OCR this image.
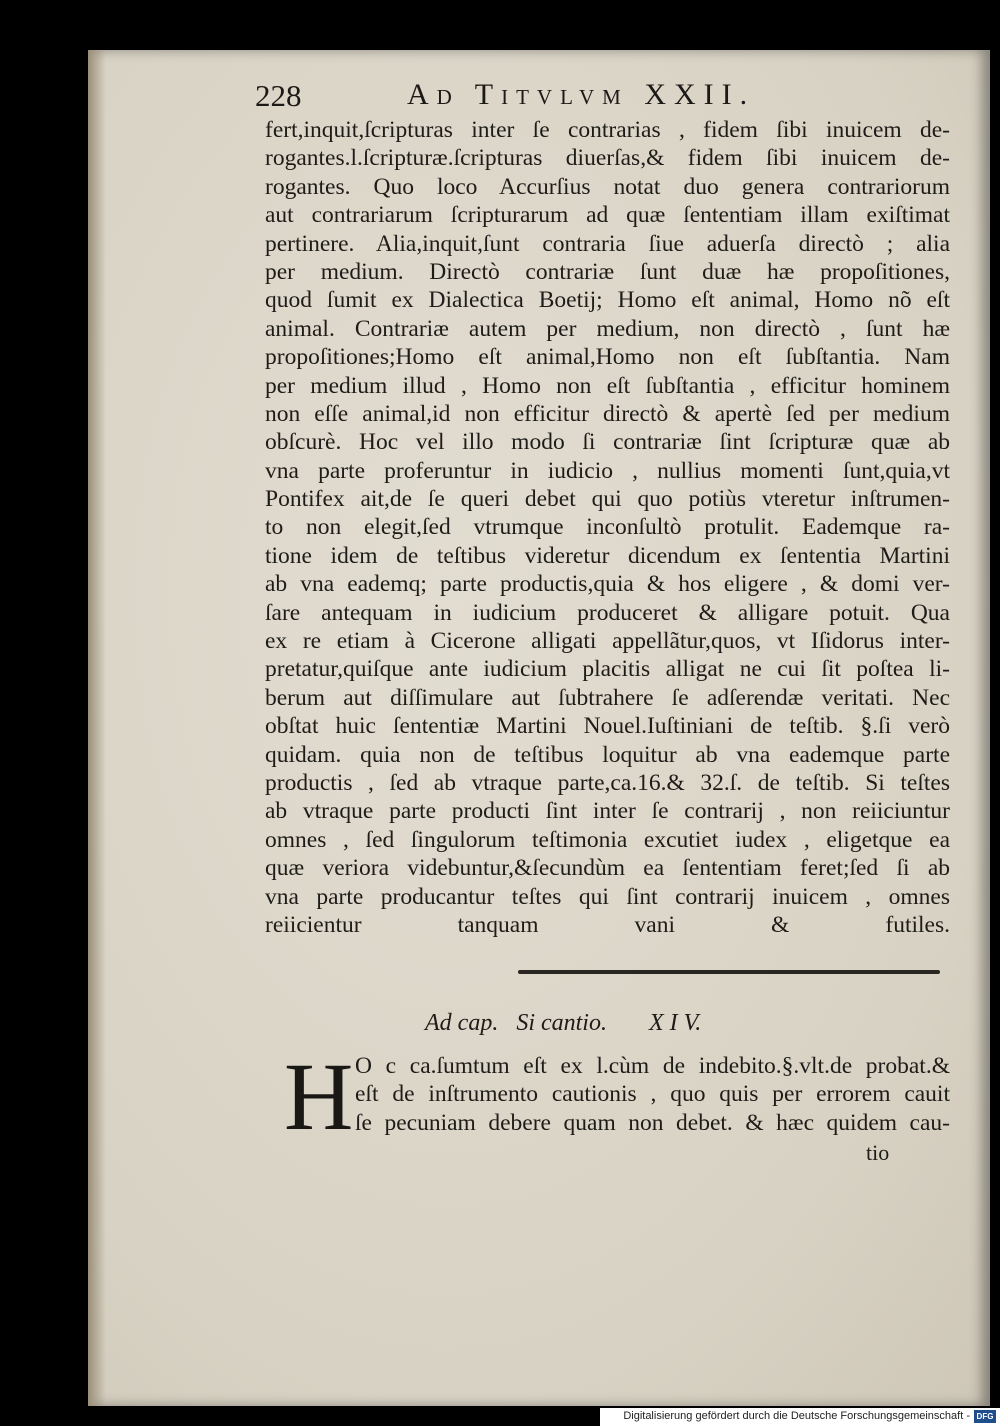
228	Ad Titvlvm XXII.
fert,inquit,ſcripturas inter ſe contrarias , fidem ſibi inuicem de-
rogantes.l.ſcripturæ.ſcripturas diuerſas,& fidem ſibi inuicem de-
rogantes. Quo loco Accurſius notat duo genera contrariorum
aut contrariarum ſcripturarum ad quæ ſententiam illam exiſtimat
pertinere. Alia,inquit,ſunt contraria ſiue aduerſa directò ; alia
per medium. Directò contrariæ ſunt duæ hæ propoſitiones,
quod ſumit ex Dialectica Boetij; Homo eſt animal, Homo nõ eſt
animal. Contrariæ autem per medium, non directò , ſunt hæ
propoſitiones;Homo eſt animal,Homo non eſt ſubſtantia. Nam
per medium illud , Homo non eſt ſubſtantia , efficitur hominem
non eſſe animal,id non efficitur directò & apertè ſed per medium
obſcurè. Hoc vel illo modo ſi contrariæ ſint ſcripturæ quæ ab
vna parte proferuntur in iudicio , nullius momenti ſunt,quia,vt
Pontifex ait,de ſe queri debet qui quo potiùs vteretur inſtrumen-
to non elegit,ſed vtrumque inconſultò protulit. Eademque ra-
tione idem de teſtibus videretur dicendum ex ſententia Martini
ab vna eademq; parte productis,quia & hos eligere , & domi ver-
ſare antequam in iudicium produceret & alligare potuit. Qua
ex re etiam à Cicerone alligati appellãtur,quos, vt Iſidorus inter-
pretatur,quiſque ante iudicium placitis alligat ne cui ſit poſtea li-
berum aut diſſimulare aut ſubtrahere ſe adſerendæ veritati. Nec
obſtat huic ſententiæ Martini Nouel.Iuſtiniani de teſtib. §.ſi verò
quidam. quia non de teſtibus loquitur ab vna eademque parte
productis , ſed ab vtraque parte,ca.16.& 32.ſ. de teſtib. Si teſtes
ab vtraque parte producti ſint inter ſe contrarij , non reiiciuntur
omnes , ſed ſingulorum teſtimonia excutiet iudex , eligetque ea
quæ veriora videbuntur,&ſecundùm ea ſententiam feret;ſed ſi ab
vna parte producantur teſtes qui ſint contrarij inuicem , omnes
reiicientur tanquam vani & futiles.
Ad cap.   Si cantio.       X I V.
H O c ca.ſumtum eſt ex l.cùm de indebito.§.vlt.de probat.&
eſt de inſtrumento cautionis , quo quis per errorem cauit
ſe pecuniam debere quam non debet. & hæc quidem cau-
tio
Digitalisierung gefördert durch die Deutsche Forschungsgemeinschaft - DFG
